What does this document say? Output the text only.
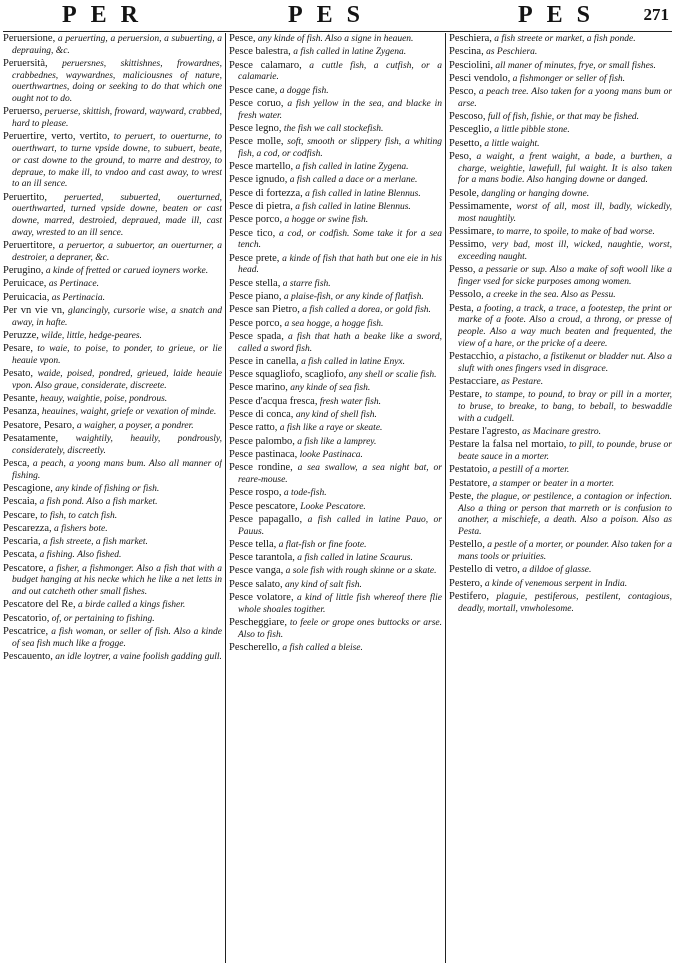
PER	PES	PES 271

Peruersione, a peruerting, a peruersion, a subuerting, a deprauing, &c.

Peruersità, peruersnes, skittishnes, frowardnes, crabbednes, waywardnes, maliciousnes of nature, ouerthwartnes, doing or seeking to do that which one ought not to do.

Peruerso, peruerse, skittish, froward, wayward, crabbed, hard to please.

Peruertire, verto, vertito, to peruert, to ouerturne, to ouerthwart, to turne vpside downe, to subuert, beate, or cast downe to the ground, to marre and destroy, to depraue, to make ill, to vndoo and cast away, to wrest to an ill sence.

Peruertito, peruerted, subuerted, ouerturned, ouerthwarted, turned vpside downe, beaten or cast downe, marred, destroied, depraued, made ill, cast away, wrested to an ill sence.

Peruertitore, a peruertor, a subuertor, an ouerturner, a destroier, a depraner, &c.

Perugino, a kinde of fretted or carued ioyners worke.

Peruicace, as Pertinace.

Peruicacia, as Pertinacia.

Per vn vie vn, glancingly, cursorie wise, a snatch and away, in hafte.

Peruzze, wilde, little, hedge-peares.

Pesare, to waie, to poise, to ponder, to grieue, or lie heauie vpon.

Pesato, waide, poised, pondred, grieued, laide heauie vpon. Also graue, considerate, discreete.

Pesante, heauy, waightie, poise, pondrous.

Pesanza, heauines, waight, griefe or vexation of minde.

Pesatore, Pesaro, a waigher, a poyser, a pondrer.

Pesatamente, waightily, heauily, pondrously, considerately, discreetly.

Pesca, a peach, a yoong mans bum. Also all manner of fishing.

Pescagione, any kinde of fishing or fish.

Pescaia, a fish pond. Also a fish market.

Pescare, to fish, to catch fish.

Pescarezza, a fishers bote.

Pescaria, a fish streete, a fish market.

Pescata, a fishing. Also fished.

Pescatore, a fisher, a fishmonger. Also a fish that with a budget hanging at his necke which he like a net letts in and out catcheth other small fishes.

Pescatore del Re, a birde called a kings fisher.

Pescatorio, of, or pertaining to fishing.

Pescatrice, a fish woman, or seller of fish. Also a kinde of sea fish much like a frogge.

Pescauento, an idle loytrer, a vaine foolish gadding gull.

Pesce, any kinde of fish. Also a signe in heauen.

Pesce balestra, a fish called in latine Zygena.

Pesce calamaro, a cuttle fish, a cutfish, or a calamarie.

Pesce cane, a dogge fish.

Pesce coruo, a fish yellow in the sea, and blacke in fresh water.

Pesce legno, the fish we call stockefish.

Pesce molle, soft, smooth or slippery fish, a whiting fish, a cod, or codfish.

Pesce martello, a fish called in latine Zygena.

Pesce ignudo, a fish called a dace or a merlane.

Pesce di fortezza, a fish called in latine Blennus.

Pesce di pietra, a fish called in latine Blennus.

Pesce porco, a hogge or swine fish.

Pesce tico, a cod, or codfish. Some take it for a sea tench.

Pesce prete, a kinde of fish that hath but one eie in his head.

Pesce stella, a starre fish.

Pesce piano, a plaise-fish, or any kinde of flatfish.

Pesce san Pietro, a fish called a dorea, or gold fish.

Pesce porco, a sea hogge, a hogge fish.

Pesce spada, a fish that hath a beake like a sword, called a sword fish.

Pesce in canella, a fish called in latine Enyx.

Pesce squagliofo, scagliofo, any shell or scalie fish.

Pesce marino, any kinde of sea fish.

Pesce d'acqua fresca, fresh water fish.

Pesce di conca, any kind of shell fish.

Pesce ratto, a fish like a raye or skeate.

Pesce palombo, a fish like a lamprey.

Pesce pastinaca, looke Pastinaca.

Pesce rondine, a sea swallow, a sea night bat, or reare-mouse.

Pesce rospo, a tode-fish.

Pesce pescatore, Looke Pescatore.

Pesce papagallo, a fish called in latine Pauo, or Pauus.

Pesce tella, a flat-fish or fine foote.

Pesce tarantola, a fish called in latine Scaurus.

Pesce vanga, a sole fish with rough skinne or a skate.

Pesce salato, any kind of salt fish.

Pesce volatore, a kind of little fish whereof there flie whole shoales togither.

Pescheggiare, to feele or grope ones buttocks or arse. Also to fish.

Pescherello, a fish called a bleise.

Peschiera, a fish streete or market, a fish ponde.

Pescina, as Peschiera.

Pesciolini, all maner of minutes, frye, or small fishes.

Pesci vendolo, a fishmonger or seller of fish.

Pesco, a peach tree. Also taken for a yoong mans bum or arse.

Pescoso, full of fish, fishie, or that may be fished.

Pesceglio, a little pibble stone.

Pesetto, a little waight.

Peso, a waight, a frent waight, a bade, a burthen, a charge, weightie, lawefull, ful waight. It is also taken for a mans bodie. Also hanging downe or danged.

Pesole, dangling or hanging downe.

Pessimamente, worst of all, most ill, badly, wickedly, most naughtily.

Pessimare, to marre, to spoile, to make of bad worse.

Pessimo, very bad, most ill, wicked, naughtie, worst, exceeding naught.

Pesso, a pessarie or sup. Also a make of soft wooll like a finger vsed for sicke purposes among women.

Pessolo, a creeke in the sea. Also as Pessu.

Pesta, a footing, a track, a trace, a footestep, the print or marke of a foote. Also a croud, a throng, or presse of people. Also a way much beaten and frequented, the view of a hare, or the pricke of a deere.

Pestacchio, a pistacho, a fistikenut or bladder nut. Also a sluft with ones fingers vsed in disgrace.

Pestacciare, as Pestare.

Pestare, to stampe, to pound, to bray or pill in a morter, to bruse, to breake, to bang, to beball, to beswaddle with a cudgell.

Pestare l'agresto, as Macinare grestro.

Pestare la falsa nel mortaio, to pill, to pounde, bruse or beate sauce in a morter.

Pestatoio, a pestill of a morter.

Pestatore, a stamper or beater in a morter.

Peste, the plague, or pestilence, a contagion or infection. Also a thing or person that marreth or is confusion to another, a mischiefe, a death. Also a poison. Also as Pesta.

Pestello, a pestle of a morter, or pounder. Also taken for a mans tools or priuities.

Pestello di vetro, a dildoe of glasse.

Pestero, a kinde of venemous serpent in India.

Pestifero, plaguie, pestiferous, pestilent, contagious, deadly, mortall, vnwholesome.
